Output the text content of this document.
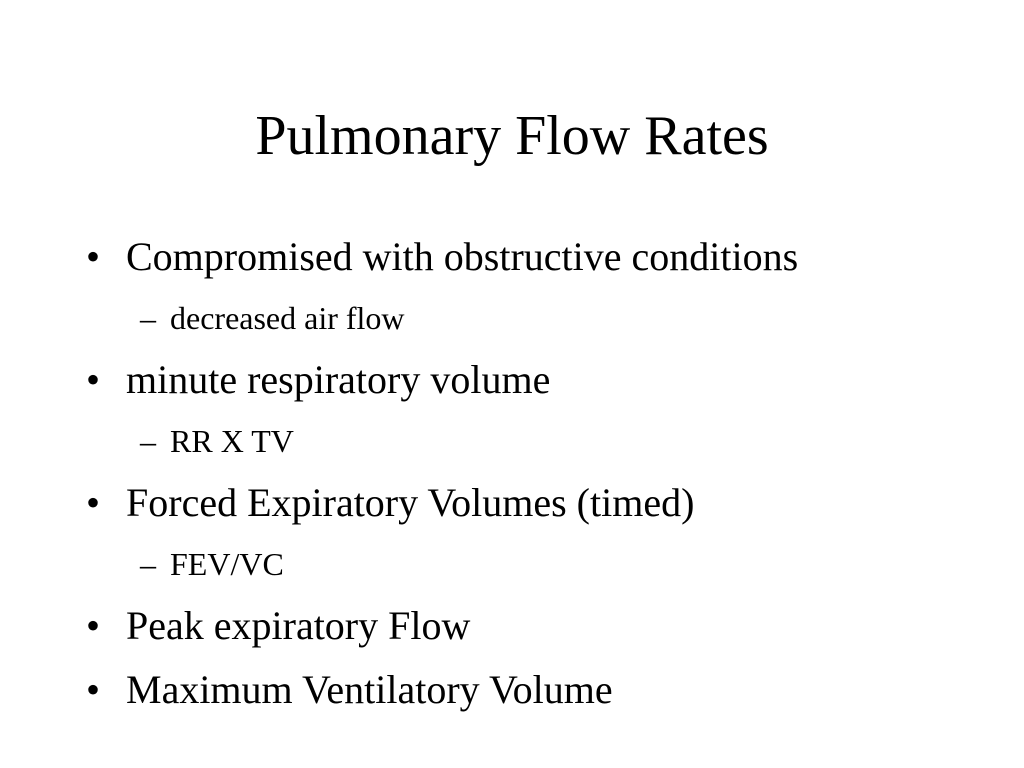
Pulmonary Flow Rates
• Compromised with obstructive conditions
– decreased air flow
• minute respiratory volume
– RR X TV
• Forced Expiratory Volumes (timed)
– FEV/VC
• Peak expiratory Flow
• Maximum Ventilatory Volume
